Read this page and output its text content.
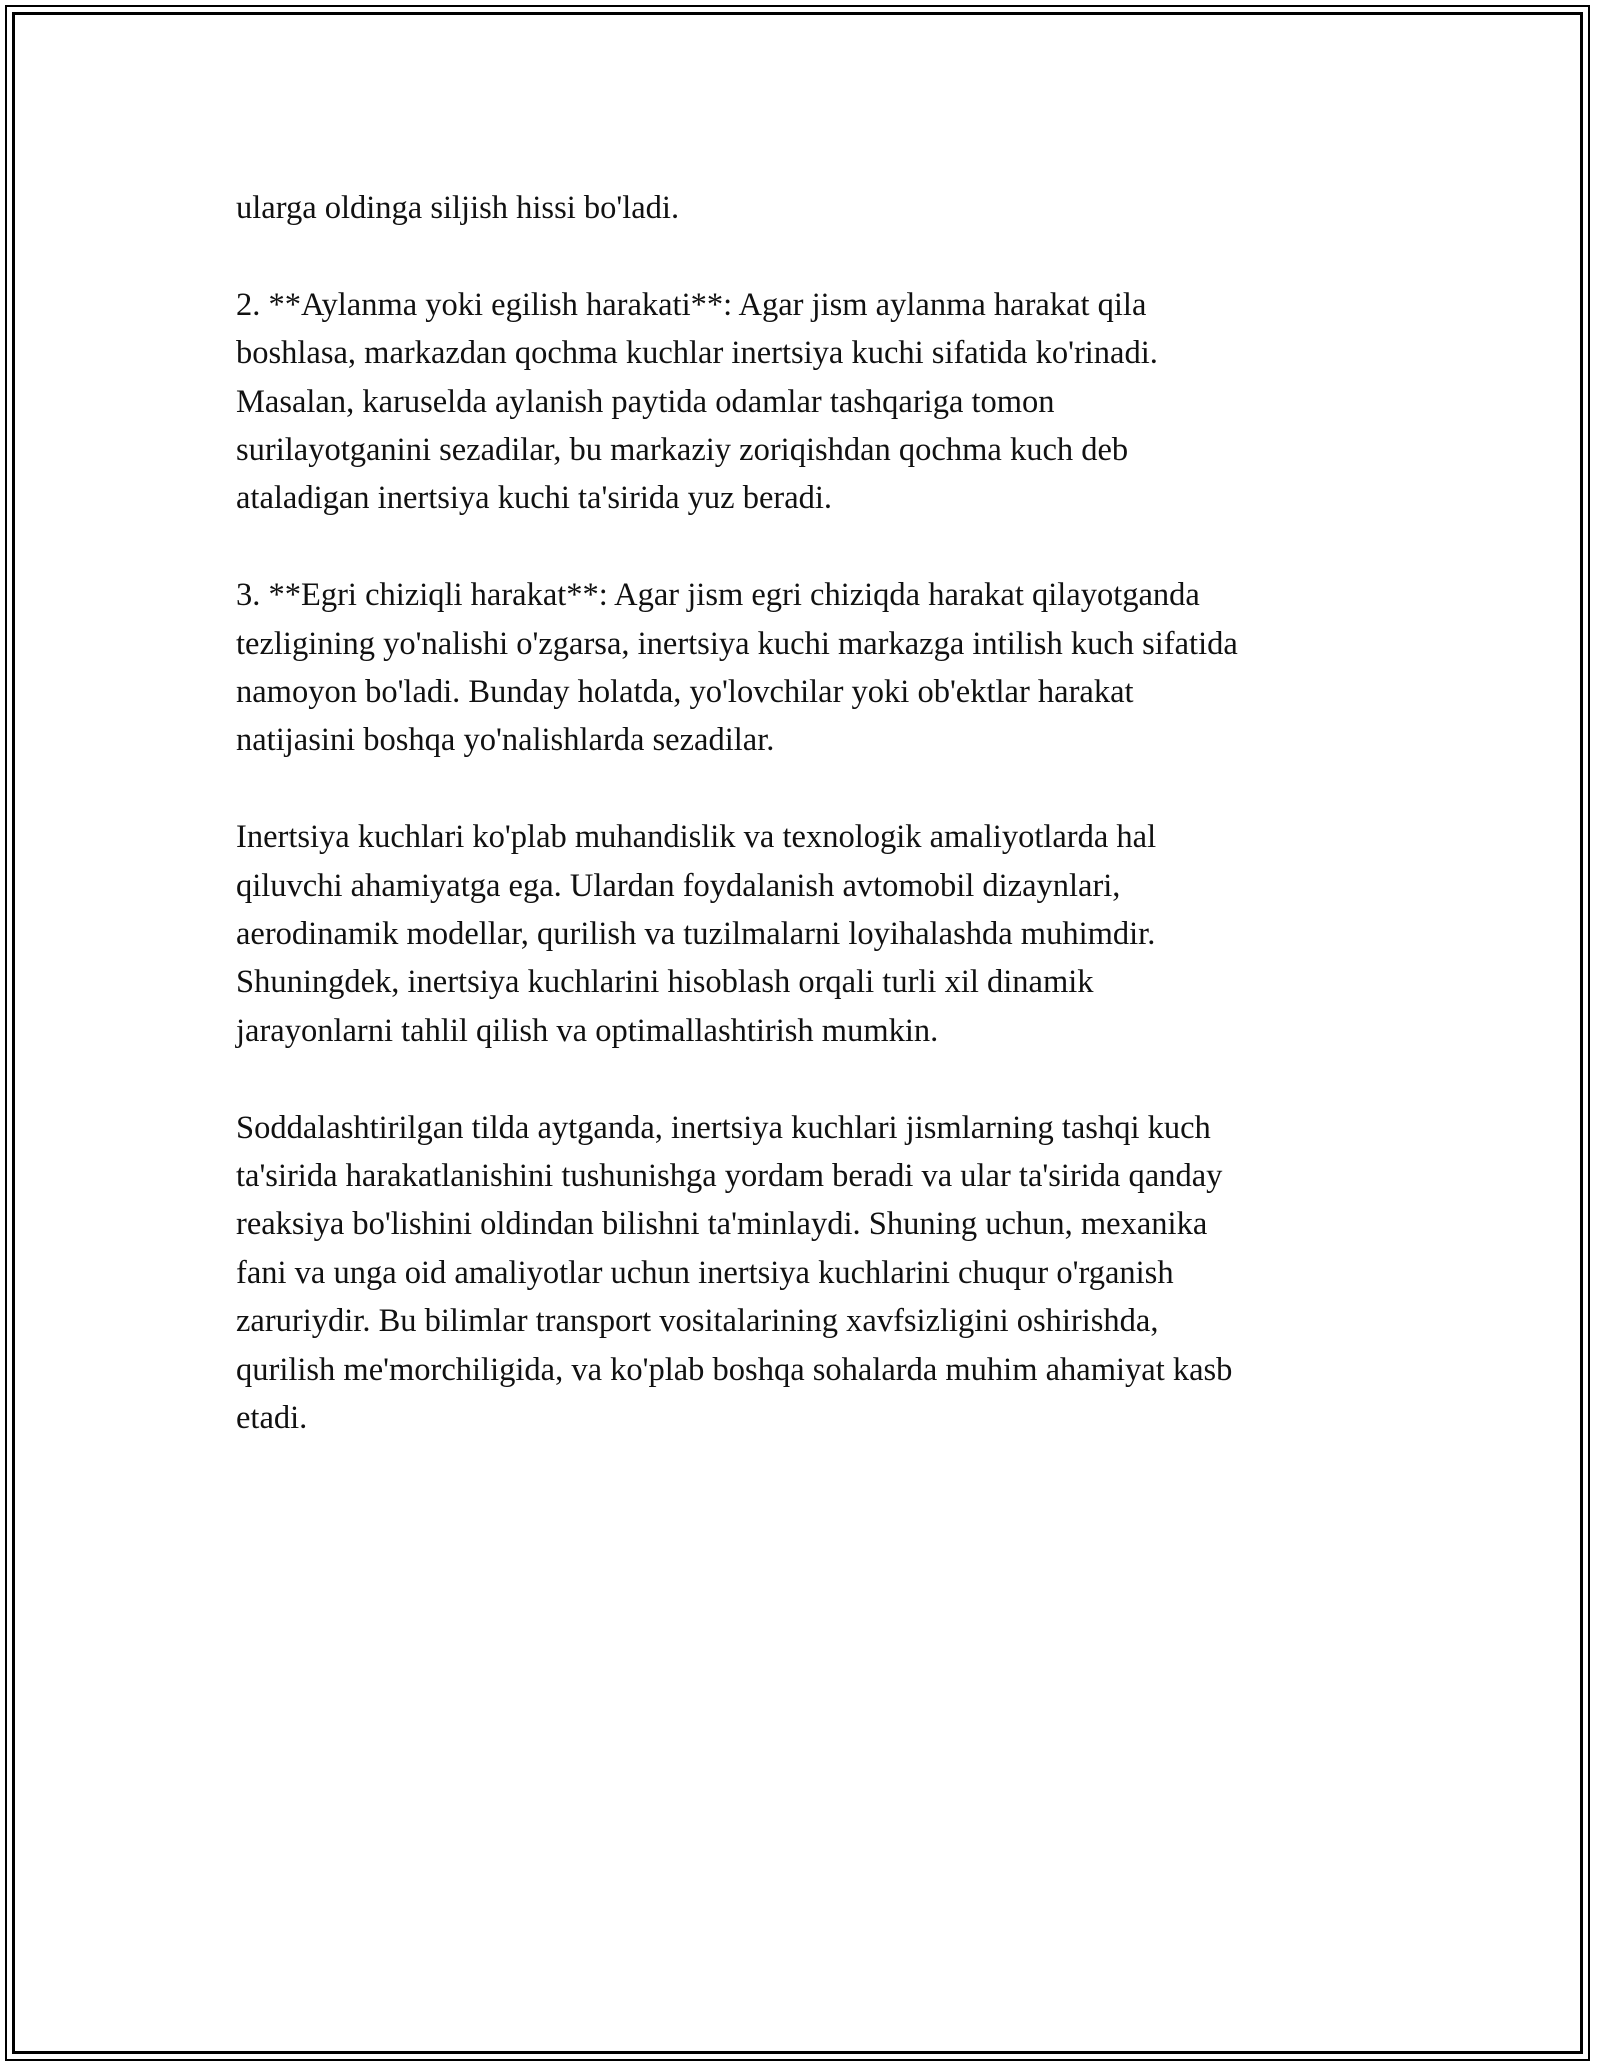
ularga oldinga siljish hissi bo'ladi.

2. **Aylanma yoki egilish harakati**: Agar jism aylanma harakat qila
boshlasa, markazdan qochma kuchlar inertsiya kuchi sifatida ko'rinadi.
Masalan, karuselda aylanish paytida odamlar tashqariga tomon
surilayotganini sezadilar, bu markaziy zoriqishdan qochma kuch deb
ataladigan inertsiya kuchi ta'sirida yuz beradi.

3. **Egri chiziqli harakat**: Agar jism egri chiziqda harakat qilayotganda
tezligining yo'nalishi o'zgarsa, inertsiya kuchi markazga intilish kuch sifatida
namoyon bo'ladi. Bunday holatda, yo'lovchilar yoki ob'ektlar harakat
natijasini boshqa yo'nalishlarda sezadilar.

Inertsiya kuchlari ko'plab muhandislik va texnologik amaliyotlarda hal
qiluvchi ahamiyatga ega. Ulardan foydalanish avtomobil dizaynlari,
aerodinamik modellar, qurilish va tuzilmalarni loyihalashda muhimdir.
Shuningdek, inertsiya kuchlarini hisoblash orqali turli xil dinamik
jarayonlarni tahlil qilish va optimallashtirish mumkin.

Soddalashtirilgan tilda aytganda, inertsiya kuchlari jismlarning tashqi kuch
ta'sirida harakatlanishini tushunishga yordam beradi va ular ta'sirida qanday
reaksiya bo'lishini oldindan bilishni ta'minlaydi. Shuning uchun, mexanika
fani va unga oid amaliyotlar uchun inertsiya kuchlarini chuqur o'rganish
zaruriydir. Bu bilimlar transport vositalarining xavfsizligini oshirishda,
qurilish me'morchiligida, va ko'plab boshqa sohalarda muhim ahamiyat kasb
etadi.
